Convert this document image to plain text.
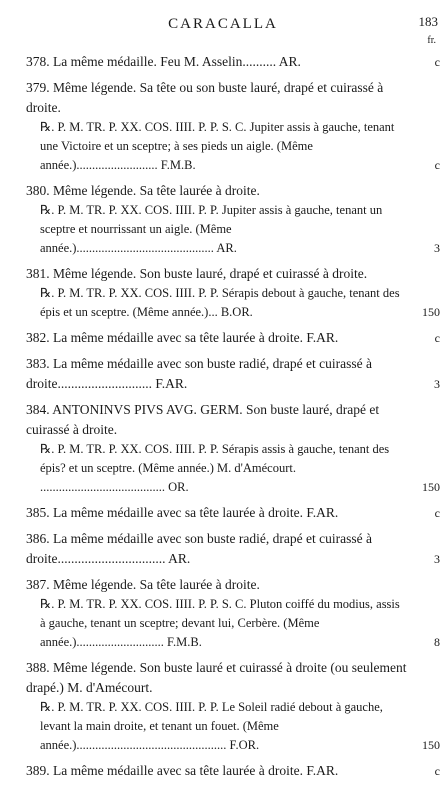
CARACALLA	183
fr.
378. La même médaille. Feu M. Asselin.......... AR.	c
379. Même légende. Sa tête ou son buste lauré, drapé et cuirassé à droite.
℞. P. M. TR. P. XX. COS. IIII. P. P. S. C. Jupiter assis à gauche, tenant une Victoire et un sceptre; à ses pieds un aigle. (Même année.).......................... F.M.B.	c
380. Même légende. Sa tête laurée à droite.
℞. P. M. TR. P. XX. COS. IIII. P. P. Jupiter assis à gauche, tenant un sceptre et nourrissant un aigle. (Même année.)............................................ AR.	3
381. Même légende. Son buste lauré, drapé et cuirassé à droite.
℞. P. M. TR. P. XX. COS. IIII. P. P. Sérapis debout à gauche, tenant des épis et un sceptre. (Même année.)... B.OR.	150
382. La même médaille avec sa tête laurée à droite. F.AR.	c
383. La même médaille avec son buste radié, drapé et cuirassé à droite............................ F.AR.	3
384. ANTONINVS PIVS AVG. GERM. Son buste lauré, drapé et cuirassé à droite.
℞. P. M. TR. P. XX. COS. IIII. P. P. Sérapis assis à gauche, tenant des épis? et un sceptre. (Même année.) M. d'Amécourt. ........................................ OR.	150
385. La même médaille avec sa tête laurée à droite. F.AR.	c
386. La même médaille avec son buste radié, drapé et cuirassé à droite................................ AR.	3
387. Même légende. Sa tête laurée à droite.
℞. P. M. TR. P. XX. COS. IIII. P. P. S. C. Pluton coiffé du modius, assis à gauche, tenant un sceptre; devant lui, Cerbère. (Même année.)............................ F.M.B.	8
388. Même légende. Son buste lauré et cuirassé à droite (ou seulement drapé.) M. d'Amécourt.
℞. P. M. TR. P. XX. COS. IIII. P. P. Le Soleil radié debout à gauche, levant la main droite, et tenant un fouet. (Même année.)................................................ F.OR.	150
389. La même médaille avec sa tête laurée à droite. F.AR.	c
